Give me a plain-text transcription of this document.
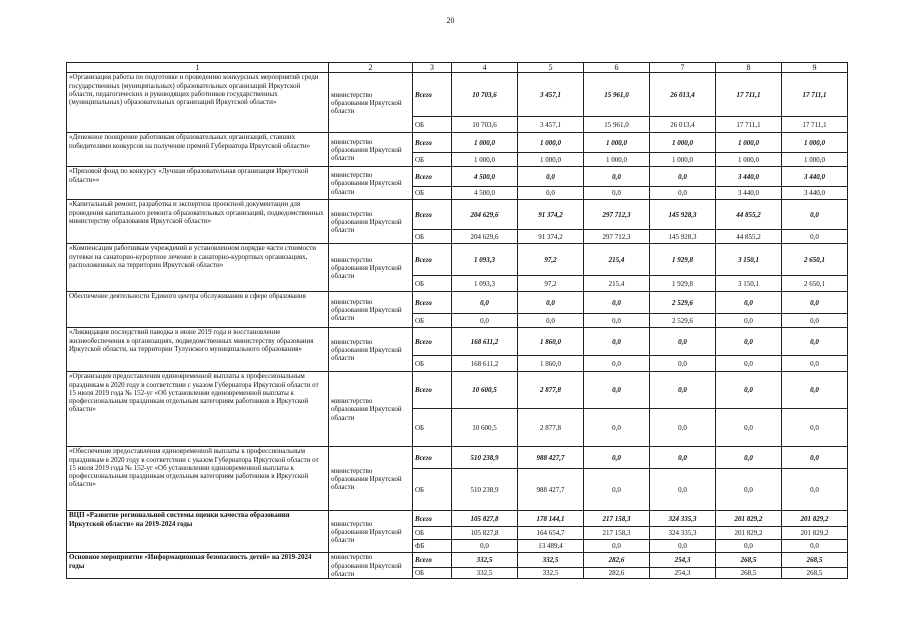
20
1	2	3	4	5	6	7	8	9
«Организация работы по подготовке и проведению конкурсных мероприятий среди государственных (муниципальных) образовательных организаций Иркутской области, педагогических и руководящих работников государственных (муниципальных) образовательных организаций Иркутской области»	министерство образования Иркутской области	Всего	10 703,6	3 457,1	15 961,0	26 013,4	17 711,1	17 711,1
		ОБ	10 703,6	3 457,1	15 961,0	26 013,4	17 711,1	17 711,1
«Денежное поощрение работникам образовательных организаций, ставших победителями конкурсов на получение премий Губернатора Иркутской области»	министерство образования Иркутской области	Всего	1 000,0	1 000,0	1 000,0	1 000,0	1 000,0	1 000,0
		ОБ	1 000,0	1 000,0	1 000,0	1 000,0	1 000,0	1 000,0
«Призовой фонд по конкурсу «Лучшая образовательная организация Иркутской области»»	министерство образования Иркутской области	Всего	4 500,0	0,0	0,0	0,0	3 440,0	3 440,0
		ОБ	4 500,0	0,0	0,0	0,0	3 440,0	3 440,0
«Капитальный ремонт, разработка и экспертиза проектной документации для проведения капитального ремонта образовательных организаций, подведомственных министерству образования Иркутской области»	министерство образования Иркутской области	Всего	204 629,6	91 374,2	297 712,3	145 928,3	44 855,2	0,0
		ОБ	204 629,6	91 374,2	297 712,3	145 928,3	44 855,2	0,0
«Компенсация работникам учреждений в установленном порядке части стоимости путевки на санаторно-курортное лечение в санаторно-курортных организациях, расположенных на территории Иркутской области»	министерство образования Иркутской области	Всего	1 093,3	97,2	215,4	1 929,8	3 150,1	2 650,1
		ОБ	1 093,3	97,2	215,4	1 929,8	3 150,1	2 650,1
Обеспечение деятельности Единого центра обслуживания в сфере образования	министерство образования Иркутской области	Всего	0,0	0,0	0,0	2 529,6	0,0	0,0
		ОБ	0,0	0,0	0,0	2 529,6	0,0	0,0
«Ликвидация последствий паводка в июне 2019 года и восстановление жизнеобеспечения в организациях, подведомственных министерству образования Иркутской области, на территории Тулунского муниципального образования»	министерство образования Иркутской области	Всего	168 611,2	1 860,0	0,0	0,0	0,0	0,0
		ОБ	168 611,2	1 860,0	0,0	0,0	0,0	0,0
«Организация предоставления единовременной выплаты к профессиональным праздникам в 2020 году в соответствии с указом Губернатора Иркутской области от 15 июля 2019 года № 152-уг «Об установлении единовременной выплаты к профессиональным праздникам отдельным категориям работников в Иркутской области»	министерство образования Иркутской области	Всего	10 600,5	2 877,8	0,0	0,0	0,0	0,0
		ОБ	10 600,5	2 877,8	0,0	0,0	0,0	0,0
«Обеспечение предоставления единовременной выплаты к профессиональным праздникам в 2020 году в соответствии с указом Губернатора Иркутской области от 15 июля 2019 года № 152-уг «Об установлении единовременной выплаты к профессиональным праздникам отдельным категориям работников в Иркутской области»	министерство образования Иркутской области	Всего	510 238,9	988 427,7	0,0	0,0	0,0	0,0
		ОБ	510 238,9	988 427,7	0,0	0,0	0,0	0,0
ВЦП «Развитие региональной системы оценки качества образования Иркутской области» на 2019-2024 годы	министерство образования Иркутской области	Всего	105 827,8	178 144,1	217 158,3	324 335,3	201 829,2	201 829,2
		ОБ	105 827,8	164 654,7	217 158,3	324 335,3	201 829,2	201 829,2
		ФБ	0,0	13 489,4	0,0	0,0	0,0	0,0
Основное мероприятие «Информационная безопасность детей» на 2019-2024 годы	министерство образования Иркутской области	Всего	332,5	332,5	282,6	254,3	268,5	268,5
		ОБ	332,5	332,5	282,6	254,3	268,5	268,5
